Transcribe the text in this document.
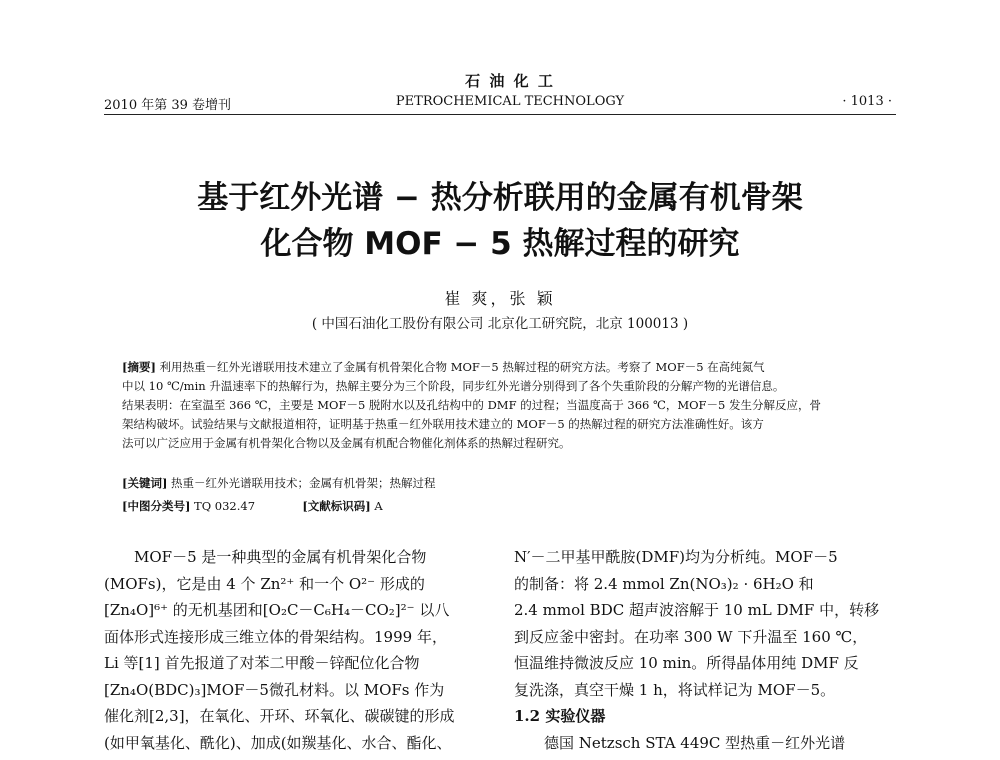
石 油 化 工
2010 年第 39 卷增刊	PETROCHEMICAL TECHNOLOGY	· 1013 ·
基于红外光谱 − 热分析联用的金属有机骨架
化合物 MOF − 5 热解过程的研究
崔 爽，张 颖
( 中国石油化工股份有限公司 北京化工研究院，北京 100013 )
[摘要] 利用热重－红外光谱联用技术建立了金属有机骨架化合物 MOF－5 热解过程的研究方法。考察了 MOF－5 在高纯氮气
中以 10 ℃/min 升温速率下的热解行为，热解主要分为三个阶段，同步红外光谱分别得到了各个失重阶段的分解产物的光谱信息。
结果表明：在室温至 366 ℃，主要是 MOF－5 脱附水以及孔结构中的 DMF 的过程；当温度高于 366 ℃，MOF－5 发生分解反应，骨
架结构破坏。试验结果与文献报道相符，证明基于热重－红外联用技术建立的 MOF－5 的热解过程的研究方法准确性好。该方
法可以广泛应用于金属有机骨架化合物以及金属有机配合物催化剂体系的热解过程研究。
[关键词] 热重－红外光谱联用技术；金属有机骨架；热解过程
[中图分类号] TQ 032.47	[文献标识码] A
MOF－5 是一种典型的金属有机骨架化合物
(MOFs)，它是由 4 个 Zn²⁺ 和一个 O²⁻ 形成的
[Zn₄O]⁶⁺ 的无机基团和[O₂C－C₆H₄－CO₂]²⁻ 以八
面体形式连接形成三维立体的骨架结构。1999 年，
Li 等[1] 首先报道了对苯二甲酸－锌配位化合物
[Zn₄O(BDC)₃]MOF－5微孔材料。以 MOFs 作为
催化剂[2,3]，在氧化、开环、环氧化、碳碳键的形成
(如甲氧基化、酰化)、加成(如羰基化、水合、酯化、
N′－二甲基甲酰胺(DMF)均为分析纯。MOF－5
的制备：将 2.4 mmol Zn(NO₃)₂ · 6H₂O 和
2.4 mmol BDC 超声波溶解于 10 mL DMF 中，转移
到反应釜中密封。在功率 300 W 下升温至 160 ℃，
恒温维持微波反应 10 min。所得晶体用纯 DMF 反
复洗涤，真空干燥 1 h，将试样记为 MOF－5。
1.2 实验仪器
德国 Netzsch STA 449C 型热重－红外光谱
